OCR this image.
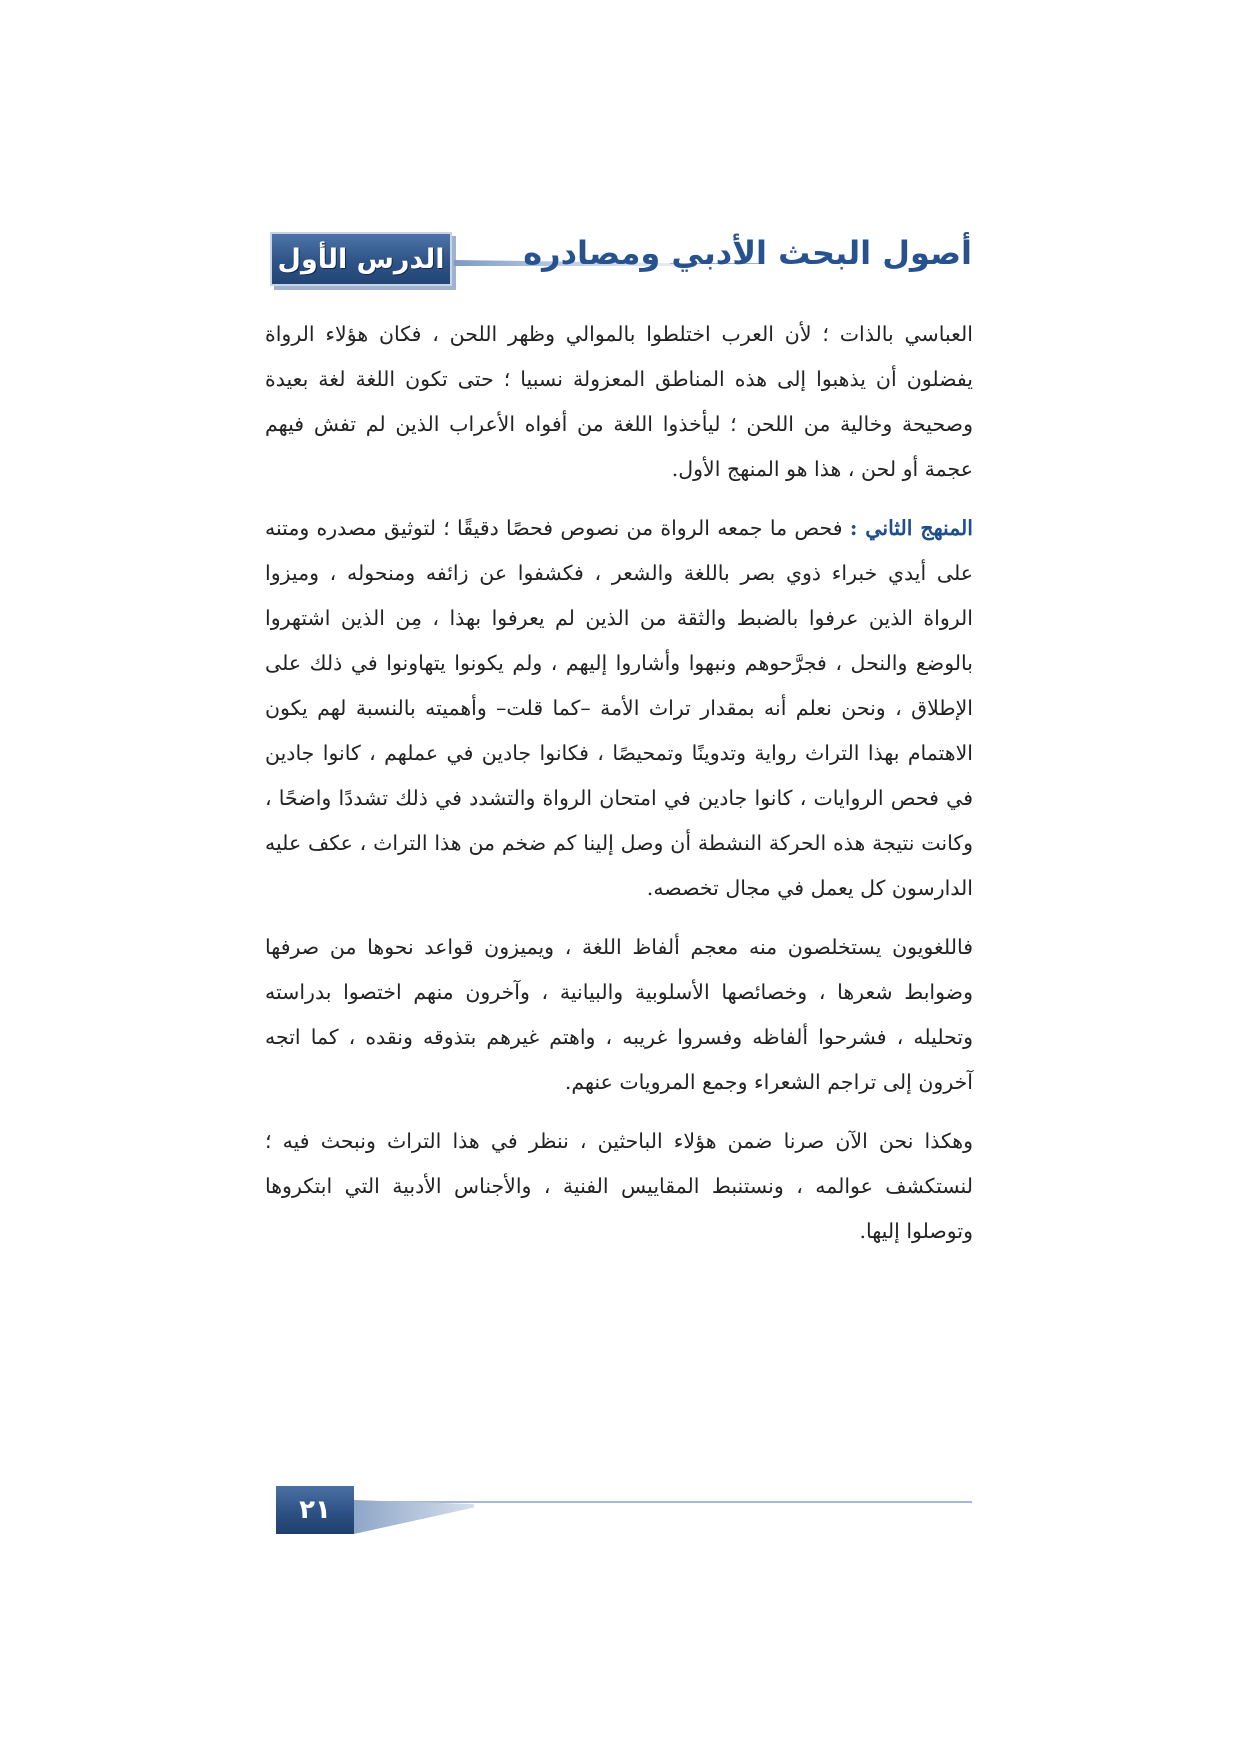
الدرس الأول أصول البحث الأدبي ومصادره

العباسي بالذات ؛ لأن العرب اختلطوا بالموالي وظهر اللحن ، فكان هؤلاء الرواة يفضلون أن يذهبوا إلى هذه المناطق المعزولة نسبيا ؛ حتى تكون اللغة لغة بعيدة وصحيحة وخالية من اللحن ؛ ليأخذوا اللغة من أفواه الأعراب الذين لم تفش فيهم عجمة أو لحن ، هذا هو المنهج الأول.

المنهج الثاني : فحص ما جمعه الرواة من نصوص فحصًا دقيقًا ؛ لتوثيق مصدره ومتنه على أيدي خبراء ذوي بصر باللغة والشعر ، فكشفوا عن زائفه ومنحوله ، وميزوا الرواة الذين عرفوا بالضبط والثقة من الذين لم يعرفوا بهذا ، مِن الذين اشتهروا بالوضع والنحل ، فجرَّحوهم ونبهوا وأشاروا إليهم ، ولم يكونوا يتهاونوا في ذلك على الإطلاق ، ونحن نعلم أنه بمقدار تراث الأمة –كما قلت– وأهميته بالنسبة لهم يكون الاهتمام بهذا التراث رواية وتدوينًا وتمحيصًا ، فكانوا جادين في عملهم ، كانوا جادين في فحص الروايات ، كانوا جادين في امتحان الرواة والتشدد في ذلك تشددًا واضحًا ، وكانت نتيجة هذه الحركة النشطة أن وصل إلينا كم ضخم من هذا التراث ، عكف عليه الدارسون كل يعمل في مجال تخصصه.

فاللغويون يستخلصون منه معجم ألفاظ اللغة ، ويميزون قواعد نحوها من صرفها وضوابط شعرها ، وخصائصها الأسلوبية والبيانية ، وآخرون منهم اختصوا بدراسته وتحليله ، فشرحوا ألفاظه وفسروا غريبه ، واهتم غيرهم بتذوقه ونقده ، كما اتجه آخرون إلى تراجم الشعراء وجمع المرويات عنهم.

وهكذا نحن الآن صرنا ضمن هؤلاء الباحثين ، ننظر في هذا التراث ونبحث فيه ؛ لنستكشف عوالمه ، ونستنبط المقاييس الفنية ، والأجناس الأدبية التي ابتكروها وتوصلوا إليها.

٢١
